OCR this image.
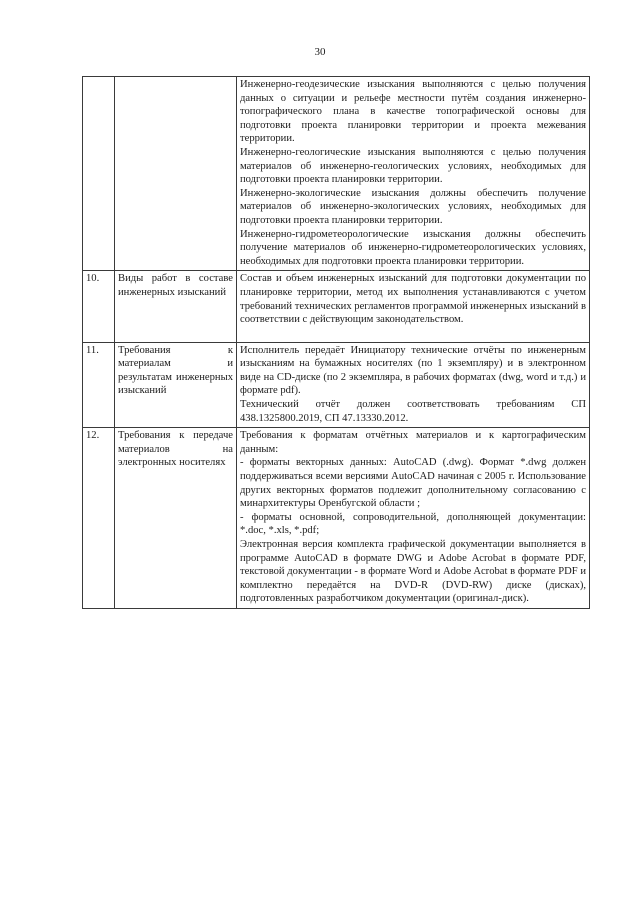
30

		Инженерно-геодезические изыскания выполняются с целью получения данных о ситуации и рельефе местности путём создания инженерно-топографического плана в качестве топографической основы для подготовки проекта планировки территории и проекта межевания территории.

Инженерно-геологические изыскания выполняются с целью получения материалов об инженерно-геологических условиях, необходимых для подготовки проекта планировки территории.

Инженерно-экологические изыскания должны обеспечить получение материалов об инженерно-экологических условиях, необходимых для подготовки проекта планировки территории.

Инженерно-гидрометеорологические изыскания должны обеспечить получение материалов об инженерно-гидрометеорологических условиях, необходимых для подготовки проекта планировки территории.

10.	Виды работ в составе инженерных изысканий	Состав и объем инженерных изысканий для подготовки документации по планировке территории, метод их выполнения устанавливаются с учетом требований технических регламентов программой инженерных изысканий в соответствии с действующим законодательством.

11.	Требования к материалам и результатам инженерных изысканий	Исполнитель передаёт Инициатору технические отчёты по инженерным изысканиям на бумажных носителях (по 1 экземпляру) и в электронном виде на CD-диске (по 2 экземпляра, в рабочих форматах (dwg, word и т.д.) и формате pdf).

Технический отчёт должен соответствовать требованиям СП 438.1325800.2019, СП 47.13330.2012.

12.	Требования к передаче материалов на электронных носителях	Требования к форматам отчётных материалов и к картографическим данным:

- форматы векторных данных: AutoCAD (.dwg). Формат *.dwg должен поддерживаться всеми версиями AutoCAD начиная с 2005 г. Использование других векторных форматов подлежит дополнительному согласованию с минархитектуры Оренбугской области ;

- форматы основной, сопроводительной, дополняющей документации: *.doc, *.xls, *.pdf;

Электронная версия комплекта графической документации выполняется в программе AutoCAD в формате DWG и Adobe Acrobat в формате PDF, текстовой документации - в формате Word и Adobe Acrobat в формате PDF и комплектно передаётся на DVD-R (DVD-RW) диске (дисках), подготовленных разработчиком документации (оригинал-диск).
